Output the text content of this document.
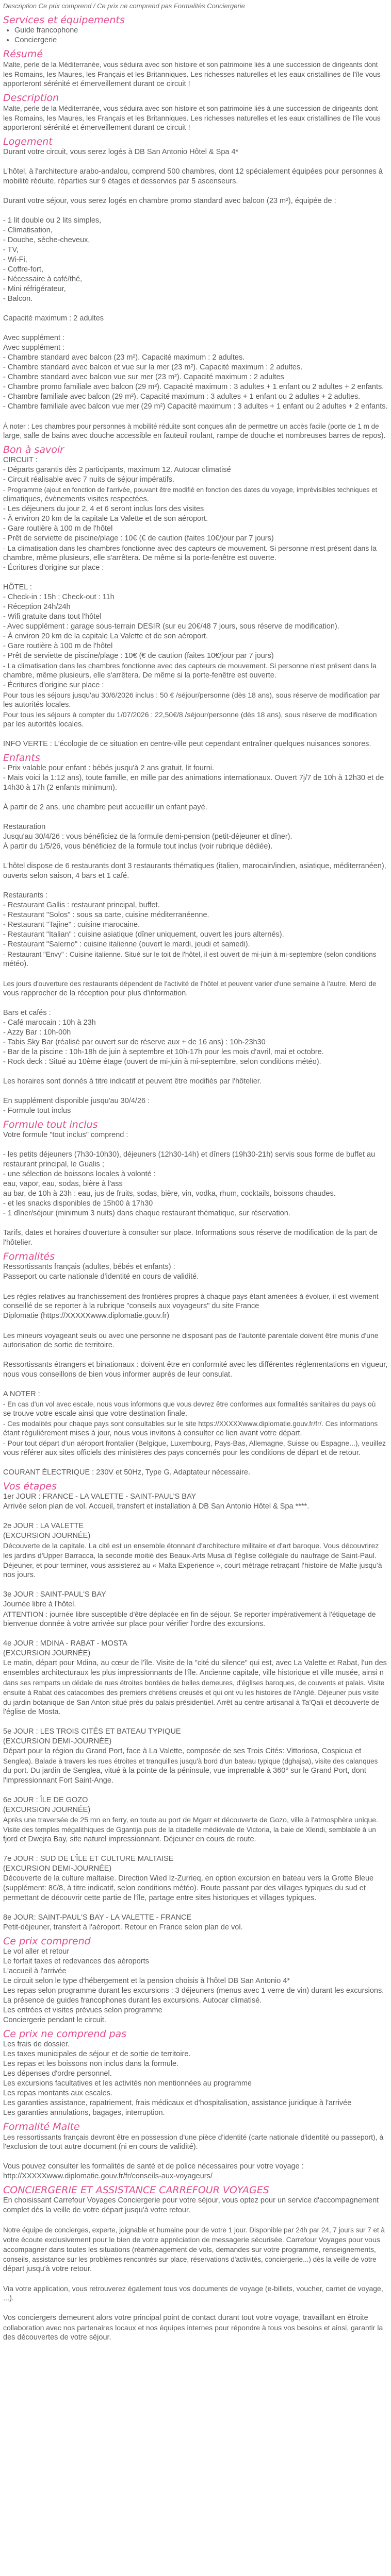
Description Ce prix comprend / Ce prix ne comprend pas Formalités Conciergerie
Services et équipements
• Guide francophone
• Conciergerie
Résumé
Malte, perle de la Méditerranée, vous séduira avec son histoire et son patrimoine liés à une succession de dirigeants dont
les Romains, les Maures, les Français et les Britanniques. Les richesses naturelles et les eaux cristallines de l'île vous
apporteront sérénité et émerveillement durant ce circuit !
Description
Malte, perle de la Méditerranée, vous séduira avec son histoire et son patrimoine liés à une succession de dirigeants dont
les Romains, les Maures, les Français et les Britanniques. Les richesses naturelles et les eaux cristallines de l'île vous
apporteront sérénité et émerveillement durant ce circuit !
Logement
Durant votre circuit, vous serez logés à DB San Antonio Hôtel & Spa 4*
L'hôtel, à l'architecture arabo-andalou, comprend 500 chambres, dont 12 spécialement équipées pour personnes à
mobilité réduite, réparties sur 9 étages et desservies par 5 ascenseurs.
Durant votre séjour, vous serez logés en chambre promo standard avec balcon (23 m²), équipée de :
- 1 lit double ou 2 lits simples,
- Climatisation,
- Douche, sèche-cheveux,
- TV,
- Wi-Fi,
- Coffre-fort,
- Nécessaire à café/thé,
- Mini réfrigérateur,
- Balcon.
Capacité maximum : 2 adultes
Avec supplément :
Avec supplément :
- Chambre standard avec balcon (23 m²). Capacité maximum : 2 adultes.
- Chambre standard avec balcon et vue sur la mer (23 m²). Capacité maximum : 2 adultes.
- Chambre standard avec balcon vue sur mer (23 m²). Capacité maximum : 2 adultes
- Chambre promo familiale avec balcon (29 m²). Capacité maximum : 3 adultes + 1 enfant ou 2 adultes + 2 enfants.
- Chambre familiale avec balcon (29 m²). Capacité maximum : 3 adultes + 1 enfant ou 2 adultes + 2 adultes.
- Chambre familiale avec balcon vue mer (29 m²) Capacité maximum : 3 adultes + 1 enfant ou 2 adultes + 2 enfants.
À noter : Les chambres pour personnes à mobilité réduite sont conçues afin de permettre un accès facile (porte de 1 m de
large, salle de bains avec douche accessible en fauteuil roulant, rampe de douche et nombreuses barres de repos).
Bon à savoir
CIRCUIT :
- Départs garantis dès 2 participants, maximum 12. Autocar climatisé
- Circuit réalisable avec 7 nuits de séjour impératifs.
- Programme (ajout en fonction de l'arrivée, pouvant être modifié en fonction des dates du voyage, imprévisibles techniques et
climatiques, évènements visites respectées.
- Les déjeuners du jour 2, 4 et 6 seront inclus lors des visites
- À environ 20 km de la capitale La Valette et de son aéroport.
- Gare routière à 100 m de l'hôtel
- Prêt de serviette de piscine/plage : 10€ (€ de caution (faites 10€/jour par 7 jours)
- La climatisation dans les chambres fonctionne avec des capteurs de mouvement. Si personne n'est présent dans la
chambre, même plusieurs, elle s'arrêtera. De même si la porte-fenêtre est ouverte.
- Écritures d'origine sur place :
HÔTEL :
- Check-in : 15h ; Check-out : 11h
- Réception 24h/24h
- Wifi gratuite dans tout l'hôtel
- Avec supplément : garage sous-terrain DESIR (sur eu 20€/48 7 jours, sous réserve de modification).
- À environ 20 km de la capitale La Valette et de son aéroport.
- Gare routière à 100 m de l'hôtel
- Prêt de serviette de piscine/plage : 10€ (€ de caution (faites 10€/jour par 7 jours)
- La climatisation dans les chambres fonctionne avec des capteurs de mouvement. Si personne n'est présent dans la
chambre, même plusieurs, elle s'arrêtera. De même si la porte-fenêtre est ouverte.
- Écritures d'origine sur place :
Pour tous les séjours jusqu'au 30/6/2026 inclus : 50 € /séjour/personne (dès 18 ans), sous réserve de modification par
les autorités locales.
Pour tous les séjours à compter du 1/07/2026 : 22,50€/8 /séjour/personne (dès 18 ans), sous réserve de modification
par les autorités locales.
INFO VERTE : L'écologie de ce situation en centre-ville peut cependant entraîner quelques nuisances sonores.
Enfants
- Prix valable pour enfant : bébés jusqu'à 2 ans gratuit, lit fourni.
- Mais voici la 1:12 ans), toute famille, en mille par des animations internationaux. Ouvert 7j/7 de 10h à 12h30 et de
14h30 à 17h (2 enfants minimum).
À partir de 2 ans, une chambre peut accueillir un enfant payé.
Restauration
Jusqu'au 30/4/26 : vous bénéficiez de la formule demi-pension (petit-déjeuner et dîner).
À partir du 1/5/26, vous bénéficiez de la formule tout inclus (voir rubrique dédiée).
L'hôtel dispose de 6 restaurants dont 3 restaurants thématiques (italien, marocain/indien, asiatique, méditerranéen),
ouverts selon saison, 4 bars et 1 café.
Restaurants :
- Restaurant Gallis : restaurant principal, buffet.
- Restaurant "Solos" : sous sa carte, cuisine méditerranéenne.
- Restaurant "Tajine" : cuisine marocaine.
- Restaurant "Italian" : cuisine asiatique (dîner uniquement, ouvert les jours alternés).
- Restaurant "Salerno" : cuisine italienne (ouvert le mardi, jeudi et samedi).
- Restaurant "Envy" : Cuisine italienne. Situé sur le toit de l'hôtel, il est ouvert de mi-juin à mi-septembre (selon conditions
météo).
Les jours d'ouverture des restaurants dépendent de l'activité de l'hôtel et peuvent varier d'une semaine à l'autre. Merci de
vous rapprocher de la réception pour plus d'information.
Bars et cafés :
- Café marocain : 10h à 23h
- Azzy Bar : 10h-00h
- Tabis Sky Bar (réalisé par ouvert sur de réserve aux + de 16 ans) : 10h-23h30
- Bar de la piscine : 10h-18h de juin à septembre et 10h-17h pour les mois d'avril, mai et octobre.
- Rock deck : Situé au 10ème étage (ouvert de mi-juin à mi-septembre, selon conditions météo).
Les horaires sont donnés à titre indicatif et peuvent être modifiés par l'hôtelier.
En supplément disponible jusqu'au 30/4/26 :
- Formule tout inclus
Formule tout inclus
Votre formule "tout inclus" comprend :
- les petits déjeuners (7h30-10h30), déjeuners (12h30-14h) et dîners (19h30-21h) servis sous forme de buffet au
restaurant principal, le Gualis ;
- une sélection de boissons locales à volonté :
eau, vapor, eau, sodas, bière à l'ass
au bar, de 10h à 23h : eau, jus de fruits, sodas, bière, vin, vodka, rhum, cocktails, boissons chaudes.
- et les snacks disponibles de 15h00 à 17h30
- 1 dîner/séjour (minimum 3 nuits) dans chaque restaurant thématique, sur réservation.
Tarifs, dates et horaires d'ouverture à consulter sur place. Informations sous réserve de modification de la part de
l'hôtelier.
Formalités
Ressortissants français (adultes, bébés et enfants) :
Passeport ou carte nationale d'identité en cours de validité.
Les règles relatives au franchissement des frontières propres à chaque pays étant amenées à évoluer, il est vivement
conseillé de se reporter à la rubrique "conseils aux voyageurs" du site France
Diplomatie (https://XXXXXwww.diplomatie.gouv.fr)
Les mineurs voyageant seuls ou avec une personne ne disposant pas de l'autorité parentale doivent être munis d'une
autorisation de sortie de territoire.
Ressortissants étrangers et binationaux : doivent être en conformité avec les différentes réglementations en vigueur,
nous vous conseillons de bien vous informer auprès de leur consulat.
A NOTER :
- En cas d'un vol avec escale, nous vous informons que vous devrez être conformes aux formalités sanitaires du pays où
se trouve votre escale ainsi que votre destination finale.
- Ces modalités pour chaque pays sont consultables sur le site https://XXXXXwww.diplomatie.gouv.fr/fr/. Ces informations
étant régulièrement mises à jour, nous vous invitons à consulter ce lien avant votre départ.
- Pour tout départ d'un aéroport frontalier (Belgique, Luxembourg, Pays-Bas, Allemagne, Suisse ou Espagne...), veuillez
vous référer aux sites officiels des ministères des pays concernés pour les conditions de départ et de retour.
COURANT ÉLECTRIQUE : 230V et 50Hz, Type G. Adaptateur nécessaire.
Vos étapes
1er JOUR : FRANCE - LA VALETTE - SAINT-PAUL'S BAY
Arrivée selon plan de vol. Accueil, transfert et installation à DB San Antonio Hôtel & Spa ****.
2e JOUR : LA VALETTE
(EXCURSION JOURNÉE)
Découverte de la capitale. La cité est un ensemble étonnant d'architecture militaire et d'art baroque. Vous découvrirez
les jardins d'Upper Barracca, la seconde moitié des Beaux-Arts Musa di l'église collégiale du naufrage de Saint-Paul.
Déjeuner, et pour terminer, vous assisterez au « Malta Experience », court métrage retraçant l'histoire de Malte jusqu'à
nos jours.
3e JOUR : SAINT-PAUL'S BAY
Journée libre à l'hôtel.
ATTENTION : journée libre susceptible d'être déplacée en fin de séjour. Se reporter impérativement à l'étiquetage de
bienvenue donnée à votre arrivée sur place pour vérifier l'ordre des excursions.
4e JOUR : MDINA - RABAT - MOSTA
(EXCURSION JOURNÉE)
Le matin, départ pour Mdina, au cœur de l'île. Visite de la "cité du silence" qui est, avec La Valette et Rabat, l'un des
ensembles architecturaux les plus impressionnants de l'île. Ancienne capitale, ville historique et ville musée, ainsi n
dans ses remparts un dédale de rues étroites bordées de belles demeures, d'églises baroques, de couvents et palais. Visite
ensuite à Rabat des catacombes des premiers chrétiens creusés et qui ont vu les histoires de l'Anglè. Déjeuner puis visite
du jardin botanique de San Anton situé près du palais présidentiel. Arrêt au centre artisanal à Ta'Qali et découverte de
l'église de Mosta.
5e JOUR : LES TROIS CITÉS ET BATEAU TYPIQUE
(EXCURSION DEMI-JOURNÉE)
Départ pour la région du Grand Port, face à La Valette, composée de ses Trois Cités: Vittoriosa, Cospicua et
Senglea). Balade à travers les rues étroites et tranquilles jusqu'à bord d'un bateau typique (dghajsa), visite des calanques
du port. Du jardin de Senglea, vitué à la pointe de la péninsule, vue imprenable à 360° sur le Grand Port, dont
l'impressionnant Fort Saint-Ange.
6e JOUR : ÎLE DE GOZO
(EXCURSION JOURNÉE)
Après une traversée de 25 mn en ferry, en toute au port de Mgarr et découverte de Gozo, ville à l'atmosphère unique.
Visite des temples mégalithiques de Ggantija puis de la citadelle médiévale de Victoria, la baie de Xlendi, semblable à un
fjord et Dwejra Bay, site naturel impressionnant. Déjeuner en cours de route.
7e JOUR : SUD DE L'ÎLE ET CULTURE MALTAISE
(EXCURSION DEMI-JOURNÉE)
Découverte de la culture maltaise. Direction Wied Iz-Zurrieq, en option excursion en bateau vers la Grotte Bleue
(supplément: 8€/8, à titre indicatif, selon conditions météo). Route passant par des villages typiques du sud et
permettant de découvrir cette partie de l'île, partage entre sites historiques et villages typiques.
8e JOUR: SAINT-PAUL'S BAY - LA VALETTE - FRANCE
Petit-déjeuner, transfert à l'aéroport. Retour en France selon plan de vol.
Ce prix comprend
Le vol aller et retour
Le forfait taxes et redevances des aéroports
L'accueil à l'arrivée
Le circuit selon le type d'hébergement et la pension choisis à l'hôtel DB San Antonio 4*
Les repas selon programme durant les excursions : 3 déjeuners (menus avec 1 verre de vin) durant les excursions.
La présence de guides francophones durant les excursions. Autocar climatisé.
Les entrées et visites prévues selon programme
Conciergerie pendant le circuit.
Ce prix ne comprend pas
Les frais de dossier.
Les taxes municipales de séjour et de sortie de territoire.
Les repas et les boissons non inclus dans la formule.
Les dépenses d'ordre personnel.
Les excursions facultatives et les activités non mentionnées au programme
Les repas montants aux escales.
Les garanties assistance, rapatriement, frais médicaux et d'hospitalisation, assistance juridique à l'arrivée
Les garanties annulations, bagages, interruption.
Formalité Malte
Les ressortissants français devront être en possession d'une pièce d'identité (carte nationale d'identité ou passeport), à
l'exclusion de tout autre document (ni en cours de validité).
Vous pouvez consulter les formalités de santé et de police nécessaires pour votre voyage :
http://XXXXXwww.diplomatie.gouv.fr/fr/conseils-aux-voyageurs/
CONCIERGERIE ET ASSISTANCE CARREFOUR VOYAGES
En choisissant Carrefour Voyages Conciergerie pour votre séjour, vous optez pour un service d'accompagnement
complet dès la veille de votre départ jusqu'à votre retour.
Notre équipe de concierges, experte, joignable et humaine pour de votre 1 jour. Disponible par 24h par 24, 7 jours sur 7 et à
votre écoute exclusivement pour le bien de votre appréciation de messagerie sécurisée. Carrefour Voyages pour vous
accompagner dans toutes les situations (réaménagement de vols, demandes sur votre programme, renseignements,
conseils, assistance sur les problèmes rencontrés sur place, réservations d'activités, conciergerie...) dès la veille de votre
départ jusqu'à votre retour.
Via votre application, vous retrouverez également tous vos documents de voyage (e-billets, voucher, carnet de voyage,
...).
Vos conciergers demeurent alors votre principal point de contact durant tout votre voyage, travaillant en étroite
collaboration avec nos partenaires locaux et nos équipes internes pour répondre à tous vos besoins et ainsi, garantir la
des découvertes de votre séjour.
